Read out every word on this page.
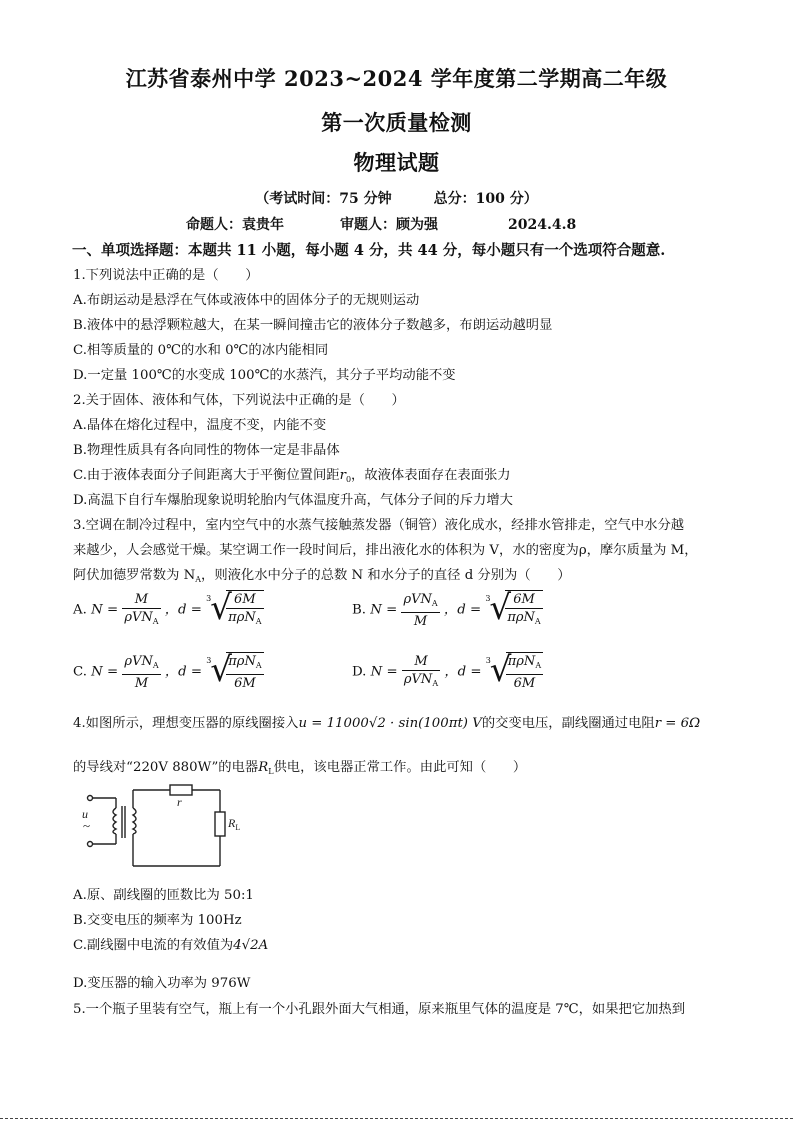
江苏省泰州中学 2023~2024 学年度第二学期高二年级
第一次质量检测
物理试题
（考试时间：75 分钟　　　总分：100 分）
命题人：袁贵年　　　　审题人：顾为强　　　　　2024.4.8
一、单项选择题：本题共 11 小题，每小题 4 分，共 44 分，每小题只有一个选项符合题意.
1.下列说法中正确的是（　　）
A.布朗运动是悬浮在气体或液体中的固体分子的无规则运动
B.液体中的悬浮颗粒越大，在某一瞬间撞击它的液体分子数越多，布朗运动越明显
C.相等质量的 0℃的水和 0℃的冰内能相同
D.一定量 100℃的水变成 100℃的水蒸汽，其分子平均动能不变
2.关于固体、液体和气体，下列说法中正确的是（　　）
A.晶体在熔化过程中，温度不变，内能不变
B.物理性质具有各向同性的物体一定是非晶体
C.由于液体表面分子间距离大于平衡位置间距$r_0$，故液体表面存在表面张力
D.高温下自行车爆胎现象说明轮胎内气体温度升高，气体分子间的斥力增大
3.空调在制冷过程中，室内空气中的水蒸气接触蒸发器（铜管）液化成水，经排水管排走，空气中水分越
来越少，人会感觉干燥。某空调工作一段时间后，排出液化水的体积为 V，水的密度为ρ，摩尔质量为 M，
阿伏加德罗常数为 $N_A$，则液化水中分子的总数 N 和水分子的直径 d 分别为（　　）
A. $N = \frac{M}{\rho VN_A}$ ，d =
3
√
$\frac{6M}{\pi\rho N_A}$	B. $N = \frac{\rho VN_A}{M}$ ，d =
3
√
$\frac{6M}{\pi\rho N_A}$
C. $N = \frac{\rho VN_A}{M}$ ，d =
3
√
$\frac{\pi\rho N_A}{6M}$	D. $N = \frac{M}{\rho VN_A}$ ，d =
3
√
$\frac{\pi\rho N_A}{6M}$
4.如图所示，理想变压器的原线圈接入u = 11000√2 · sin(100πt) V的交变电压，副线圈通过电阻r = 6Ω
的导线对“220V 880W”的电器$R_L$供电，该电器正常工作。由此可知（　　）
u
~
r
$R_L$
A.原、副线圈的匝数比为 50:1
B.交变电压的频率为 100Hz
C.副线圈中电流的有效值为4√2A
D.变压器的输入功率为 976W
5.一个瓶子里装有空气，瓶上有一个小孔跟外面大气相通，原来瓶里气体的温度是 7℃，如果把它加热到
